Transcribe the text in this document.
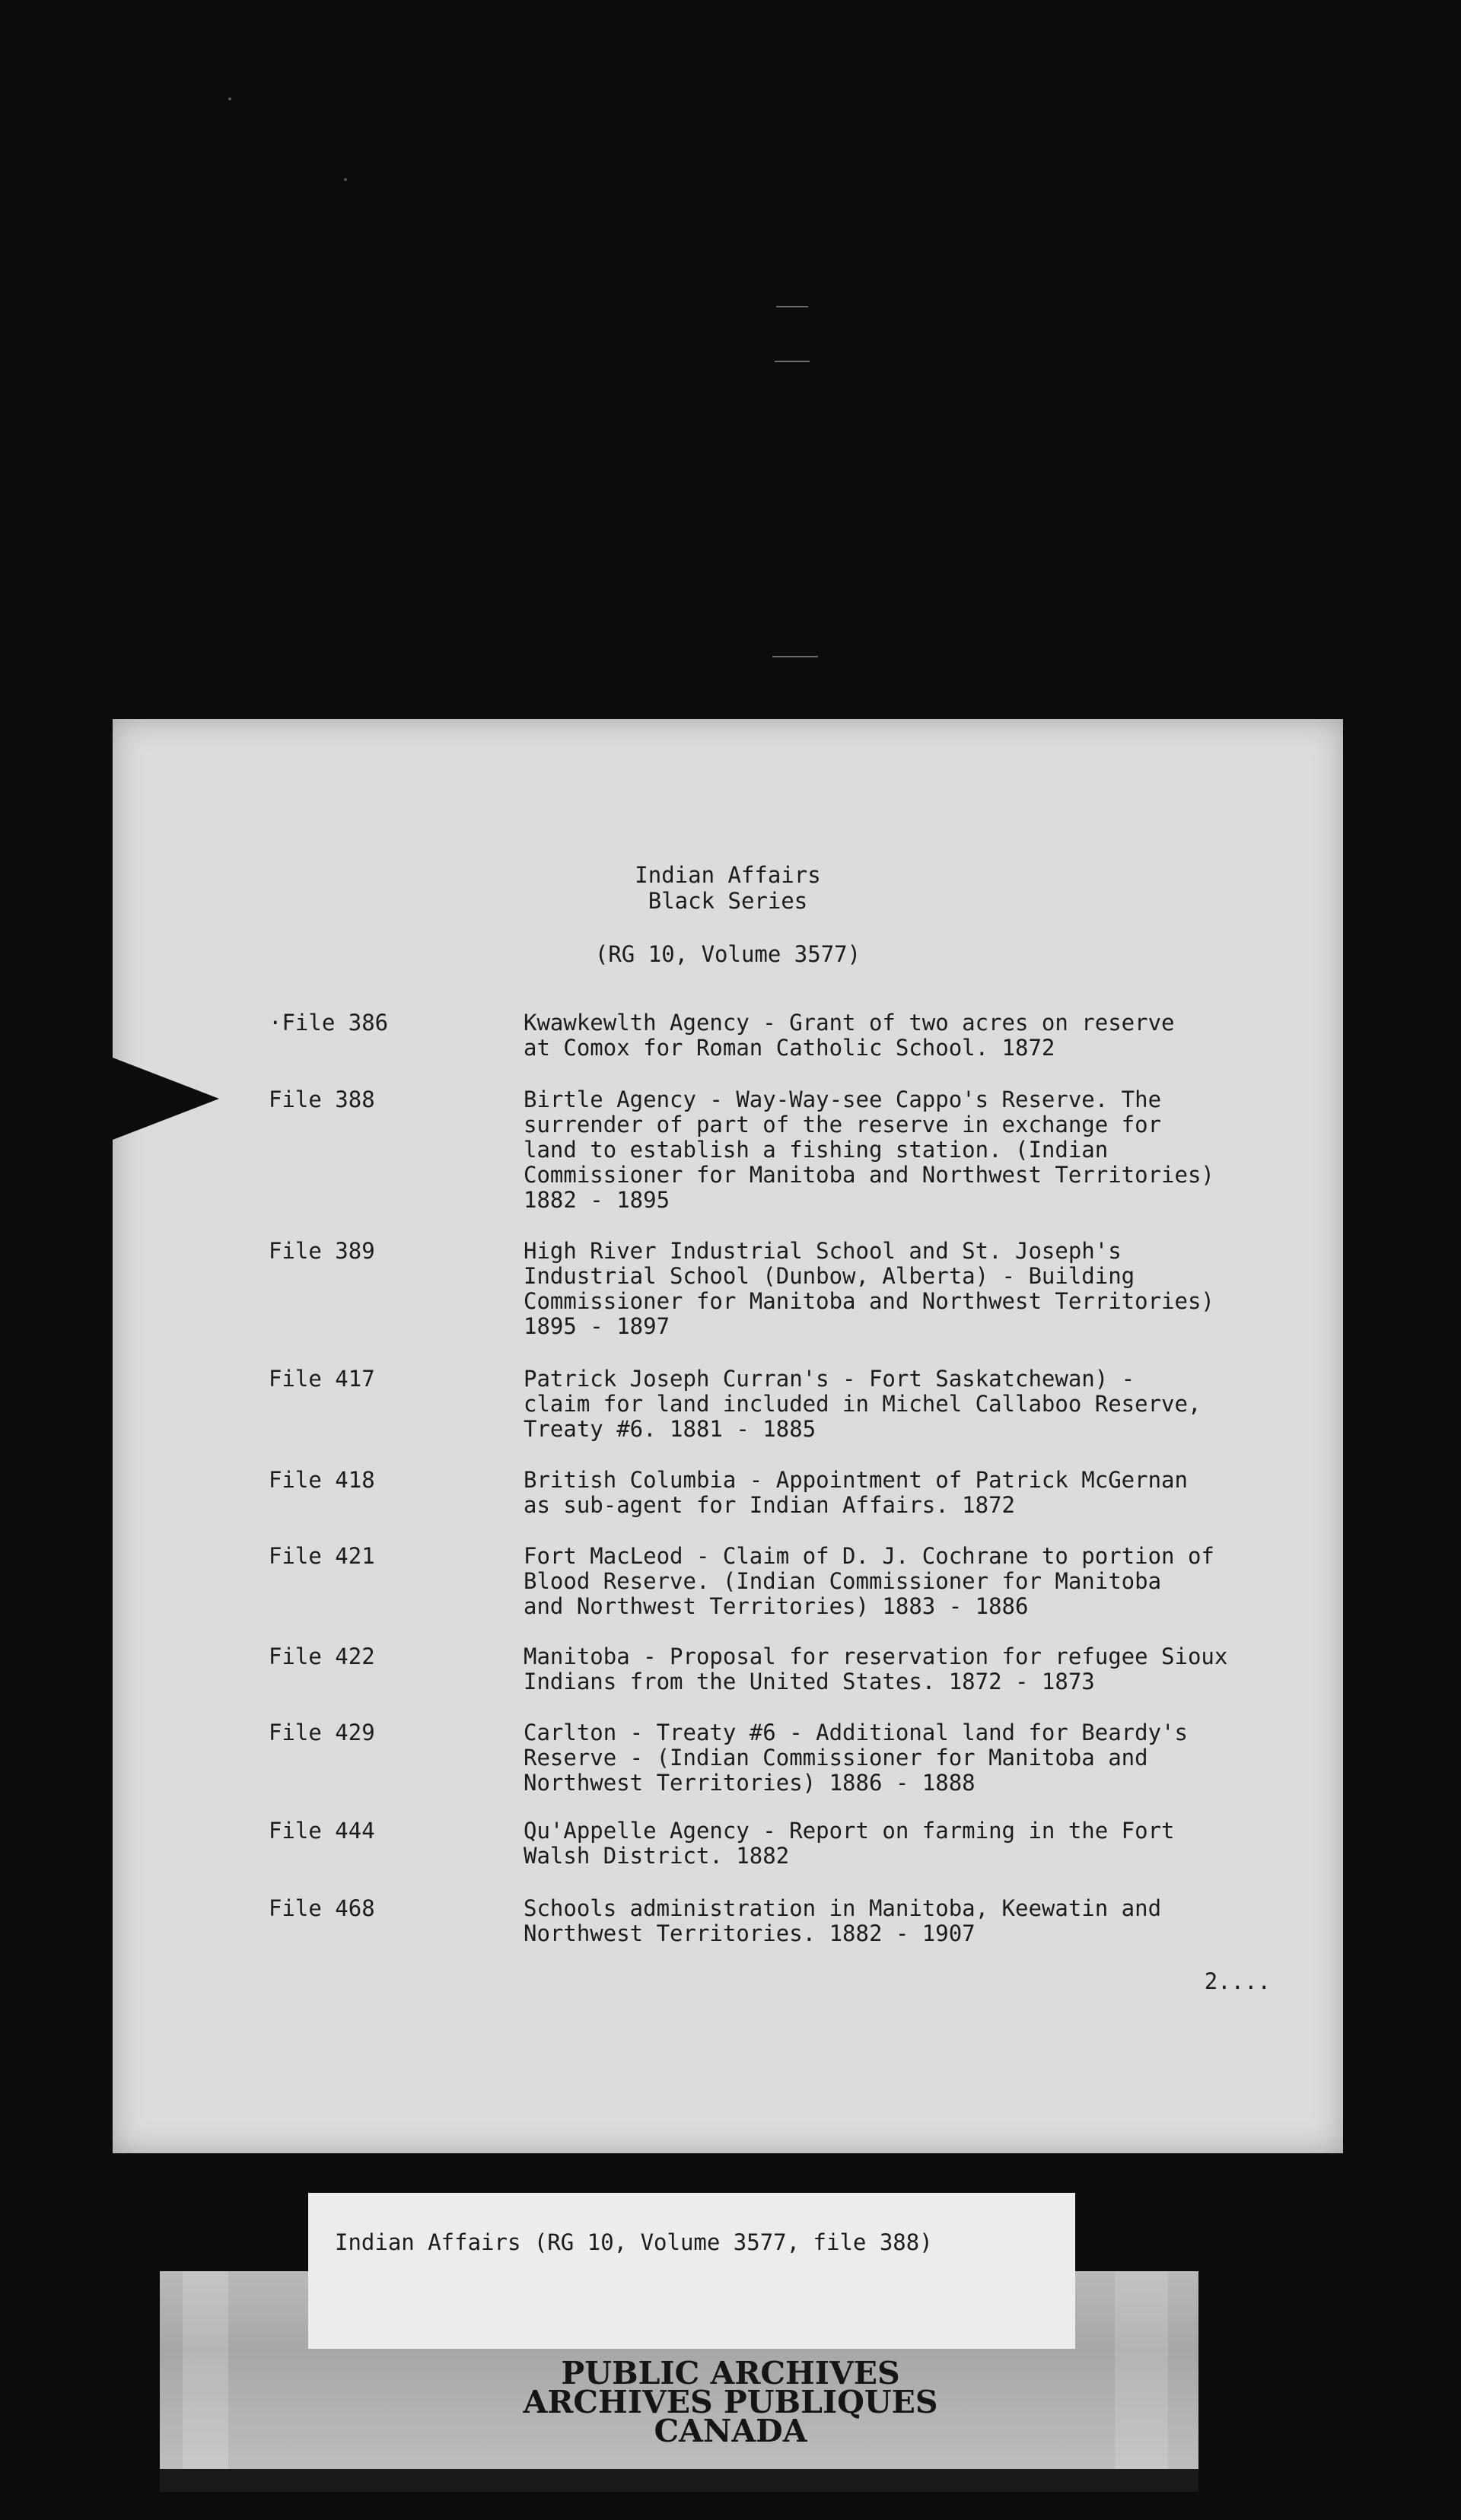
Indian Affairs
Black Series
(RG 10, Volume 3577)
·File 386	Kwawkewlth Agency - Grant of two acres on reserve
at Comox for Roman Catholic School. 1872
File 388	Birtle Agency - Way-Way-see Cappo's Reserve. The
surrender of part of the reserve in exchange for
land to establish a fishing station. (Indian
Commissioner for Manitoba and Northwest Territories)
1882 - 1895
File 389	High River Industrial School and St. Joseph's
Industrial School (Dunbow, Alberta) - Building
Commissioner for Manitoba and Northwest Territories)
1895 - 1897
File 417	Patrick Joseph Curran's - Fort Saskatchewan) -
claim for land included in Michel Callaboo Reserve,
Treaty #6. 1881 - 1885
File 418	British Columbia - Appointment of Patrick McGernan
as sub-agent for Indian Affairs. 1872
File 421	Fort MacLeod - Claim of D. J. Cochrane to portion of
Blood Reserve. (Indian Commissioner for Manitoba
and Northwest Territories) 1883 - 1886
File 422	Manitoba - Proposal for reservation for refugee Sioux
Indians from the United States. 1872 - 1873
File 429	Carlton - Treaty #6 - Additional land for Beardy's
Reserve - (Indian Commissioner for Manitoba and
Northwest Territories) 1886 - 1888
File 444	Qu'Appelle Agency - Report on farming in the Fort
Walsh District. 1882
File 468	Schools administration in Manitoba, Keewatin and
Northwest Territories. 1882 - 1907
2....
Indian Affairs (RG 10, Volume 3577, file 388)
PUBLIC ARCHIVES
ARCHIVES PUBLIQUES
CANADA
